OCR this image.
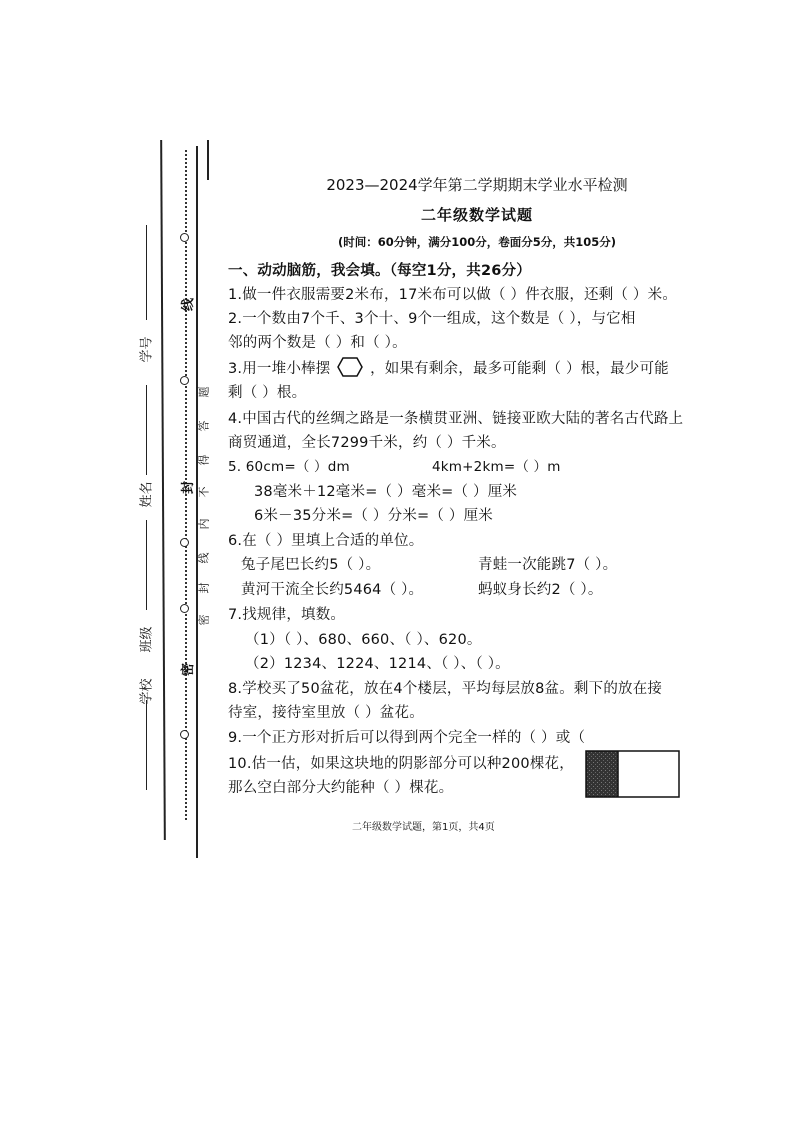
学号
姓名
班级
学校
线
封
密
题
答
得
不
内
线
封
密
2023—2024学年第二学期期末学业水平检测
二年级数学试题
(时间：60分钟，满分100分，卷面分5分，共105分)
一、动动脑筋，我会填。（每空1分，共26分）
1.做一件衣服需要2米布，17米布可以做（ ）件衣服，还剩（ ）米。
2.一个数由7个千、3个十、9个一组成，这个数是（ ），与它相
邻的两个数是（ ）和（ ）。
3.用一堆小棒摆	，如果有剩余，最多可能剩（ ）根，最少可能
剩（ ）根。
4.中国古代的丝绸之路是一条横贯亚洲、链接亚欧大陆的著名古代路上
商贸通道，全长7299千米，约（ ）千米。
5. 60cm=（ ）dm	4km+2km=（ ）m
38毫米＋12毫米=（ ）毫米=（ ）厘米
6米－35分米=（ ）分米=（ ）厘米
6.在（ ）里填上合适的单位。
兔子尾巴长约5（ ）。	青蛙一次能跳7（ ）。
黄河干流全长约5464（ ）。	蚂蚁身长约2（ ）。
7.找规律，填数。
（1）（ ）、680、660、（ ）、620。
（2）1234、1224、1214、（ ）、（ ）。
8.学校买了50盆花，放在4个楼层，平均每层放8盆。剩下的放在接
待室，接待室里放（ ）盆花。
9.一个正方形对折后可以得到两个完全一样的（ ）或（
10.估一估，如果这块地的阴影部分可以种200棵花，
那么空白部分大约能种（ ）棵花。
二年级数学试题，第1页，共4页
